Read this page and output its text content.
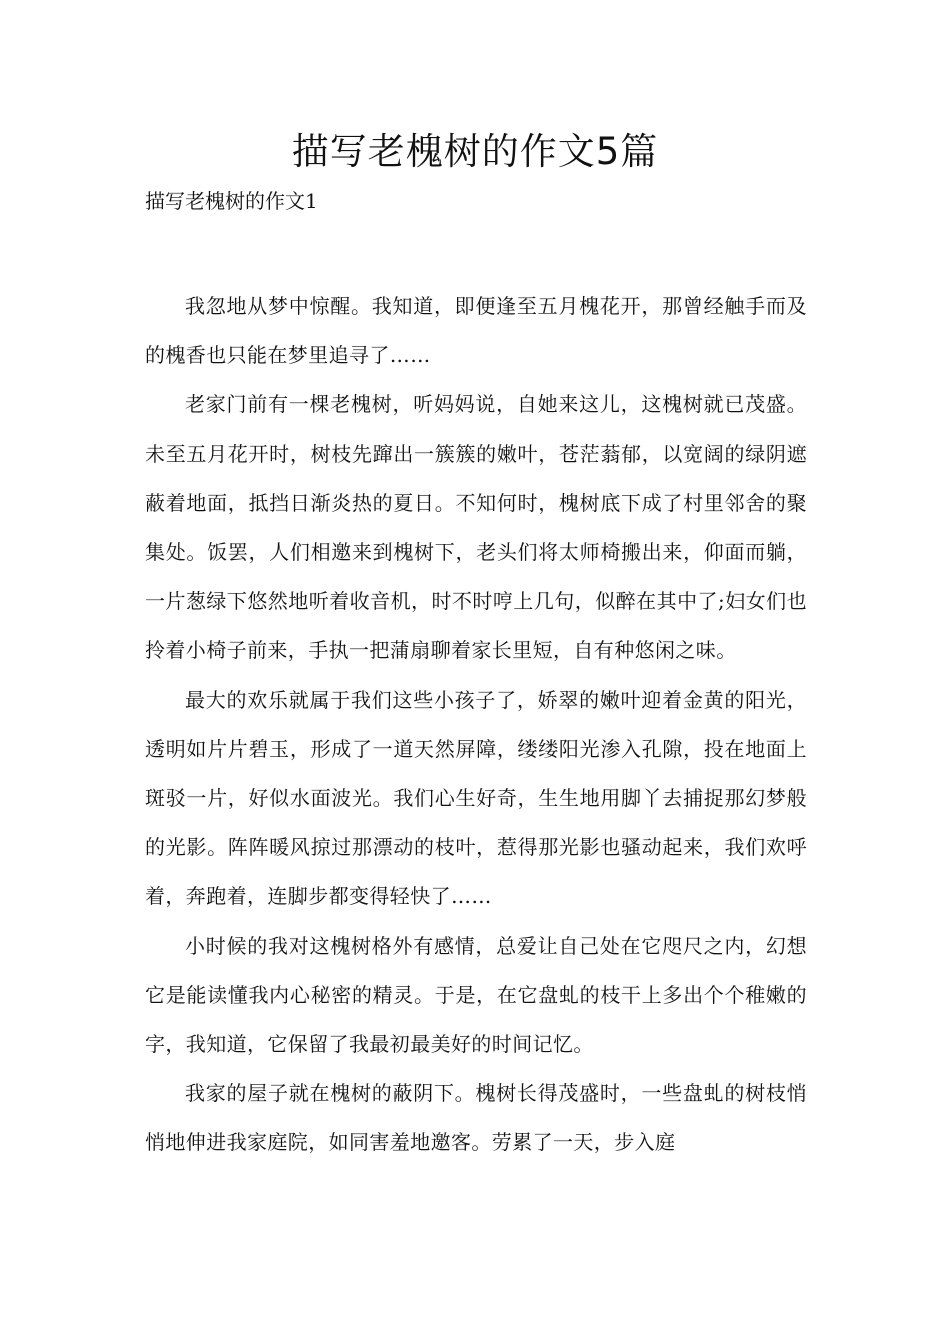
描写老槐树的作文5篇

描写老槐树的作文1

我忽地从梦中惊醒。我知道，即便逢至五月槐花开，那曾经触手而及的槐香也只能在梦里追寻了……

老家门前有一棵老槐树，听妈妈说，自她来这儿，这槐树就已茂盛。未至五月花开时，树枝先蹿出一簇簇的嫩叶，苍茫蓊郁，以宽阔的绿阴遮蔽着地面，抵挡日渐炎热的夏日。不知何时，槐树底下成了村里邻舍的聚集处。饭罢，人们相邀来到槐树下，老头们将太师椅搬出来，仰面而躺，一片葱绿下悠然地听着收音机，时不时哼上几句，似醉在其中了;妇女们也拎着小椅子前来，手执一把蒲扇聊着家长里短，自有种悠闲之味。

最大的欢乐就属于我们这些小孩子了，娇翠的嫩叶迎着金黄的阳光，透明如片片碧玉，形成了一道天然屏障，缕缕阳光渗入孔隙，投在地面上斑驳一片，好似水面波光。我们心生好奇，生生地用脚丫去捕捉那幻梦般的光影。阵阵暖风掠过那漂动的枝叶，惹得那光影也骚动起来，我们欢呼着，奔跑着，连脚步都变得轻快了……

小时候的我对这槐树格外有感情，总爱让自己处在它咫尺之内，幻想它是能读懂我内心秘密的精灵。于是，在它盘虬的枝干上多出个个稚嫩的字，我知道，它保留了我最初最美好的时间记忆。

我家的屋子就在槐树的蔽阴下。槐树长得茂盛时，一些盘虬的树枝悄悄地伸进我家庭院，如同害羞地邀客。劳累了一天，步入庭
